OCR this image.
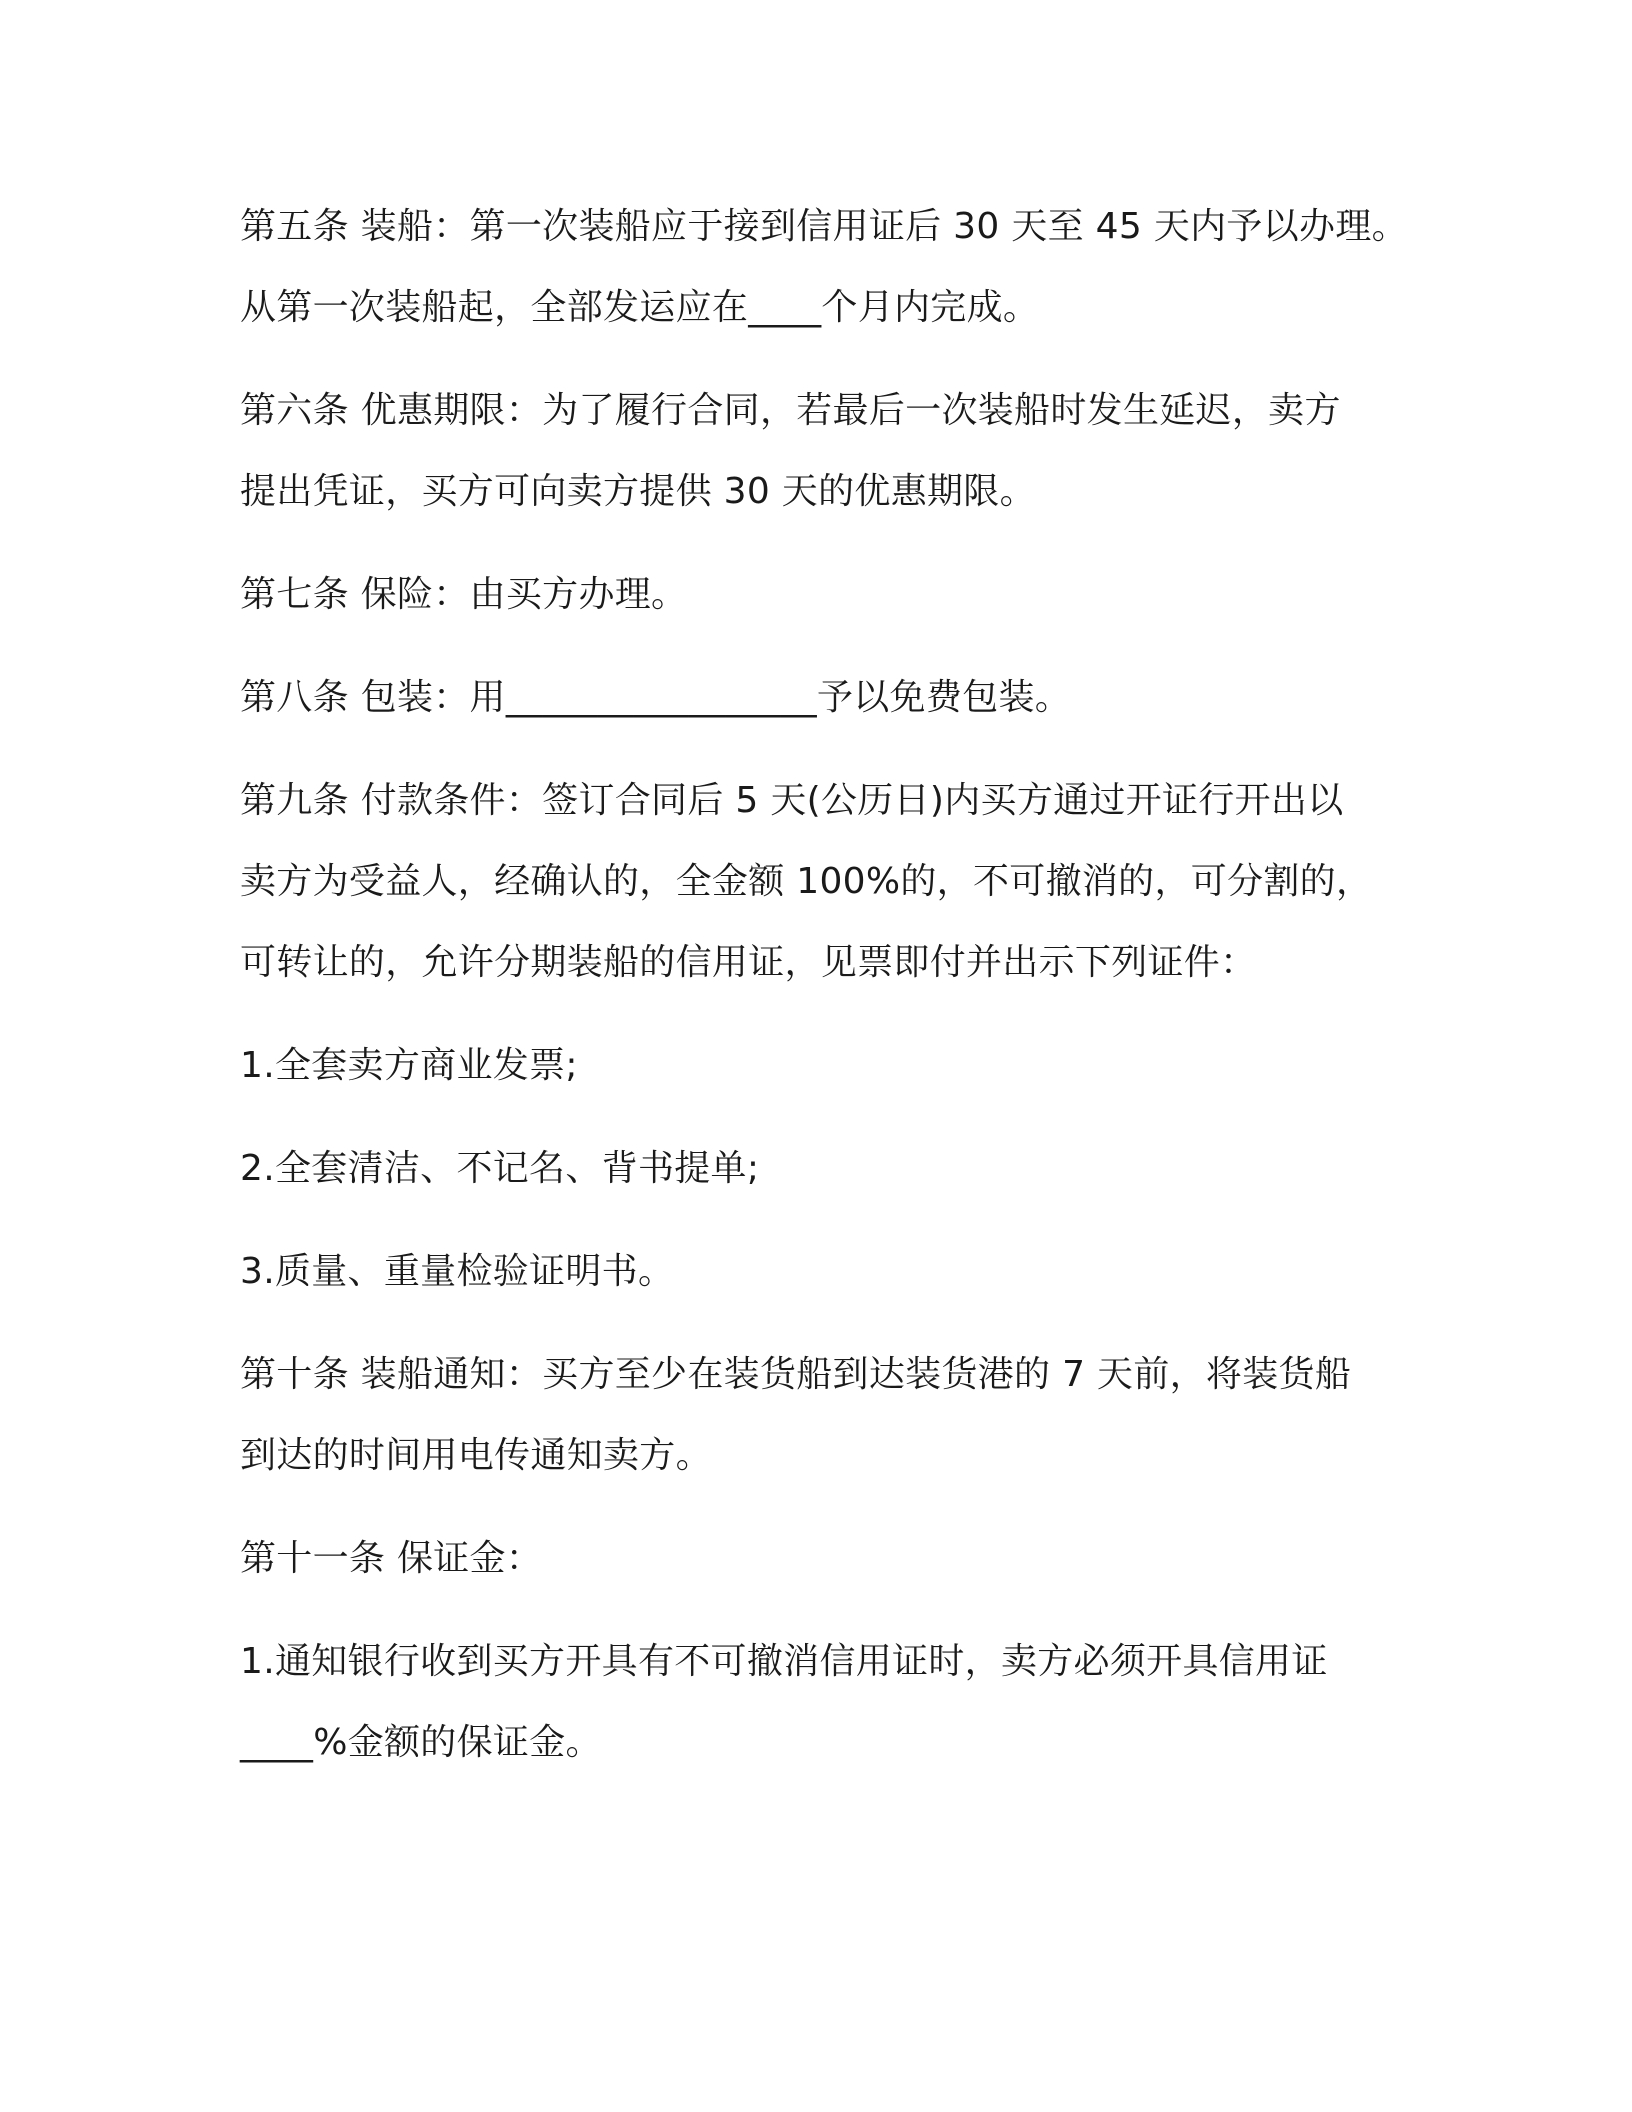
第五条 装船：第一次装船应于接到信用证后 30 天至 45 天内予以办理。
从第一次装船起，全部发运应在____个月内完成。

第六条 优惠期限：为了履行合同，若最后一次装船时发生延迟，卖方
提出凭证，买方可向卖方提供 30 天的优惠期限。

第七条 保险：由买方办理。

第八条 包装：用_________________予以免费包装。

第九条 付款条件：签订合同后 5 天(公历日)内买方通过开证行开出以
卖方为受益人，经确认的，全金额 100%的，不可撤消的，可分割的，
可转让的，允许分期装船的信用证，见票即付并出示下列证件：

1.全套卖方商业发票;

2.全套清洁、不记名、背书提单;

3.质量、重量检验证明书。

第十条 装船通知：买方至少在装货船到达装货港的 7 天前，将装货船
到达的时间用电传通知卖方。

第十一条 保证金：

1.通知银行收到买方开具有不可撤消信用证时，卖方必须开具信用证
____%金额的保证金。
